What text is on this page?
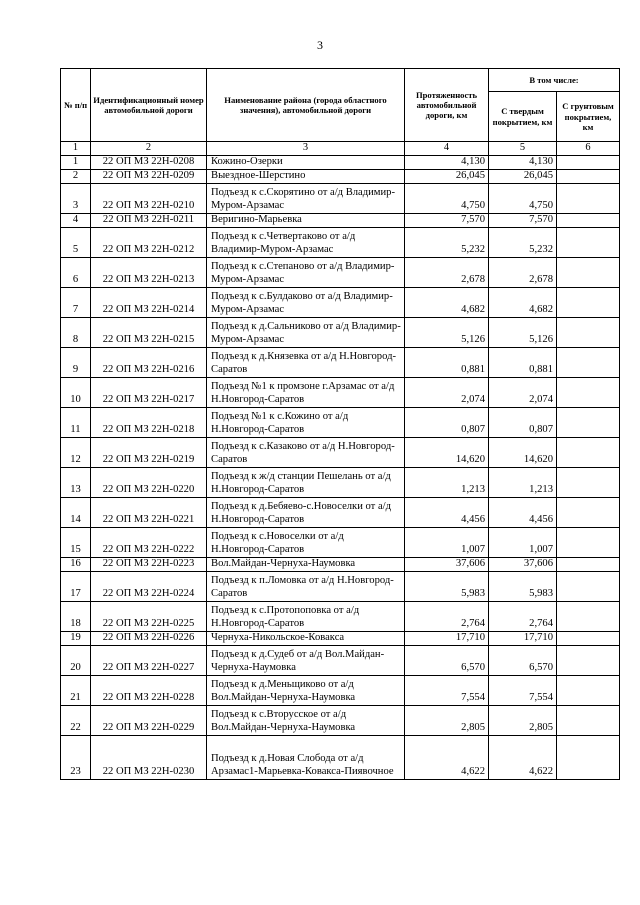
3
№ п/п	Идентификационный номер автомобильной дороги	Наименование района (города областного значения), автомобильной дороги	Протяженность автомобильной дороги, км	В том числе:	
				С твердым покрытием, км	С грунтовым покрытием, км
1	2	3	4	5	6
1	22 ОП МЗ 22Н-0208	Кожино-Озерки	4,130	4,130	
2	22 ОП МЗ 22Н-0209	Выездное-Шерстино	26,045	26,045	
3	22 ОП МЗ 22Н-0210	Подъезд к с.Скорятино от а/д Владимир-Муром-Арзамас	4,750	4,750	
4	22 ОП МЗ 22Н-0211	Веригино-Марьевка	7,570	7,570	
5	22 ОП МЗ 22Н-0212	Подъезд к с.Четвертаково от а/д Владимир-Муром-Арзамас	5,232	5,232	
6	22 ОП МЗ 22Н-0213	Подъезд к с.Степаново от а/д Владимир-Муром-Арзамас	2,678	2,678	
7	22 ОП МЗ 22Н-0214	Подъезд к с.Булдаково от а/д Владимир-Муром-Арзамас	4,682	4,682	
8	22 ОП МЗ 22Н-0215	Подъезд к д.Сальниково от а/д Владимир-Муром-Арзамас	5,126	5,126	
9	22 ОП МЗ 22Н-0216	Подъезд к д.Князевка от а/д Н.Новгород-Саратов	0,881	0,881	
10	22 ОП МЗ 22Н-0217	Подъезд №1 к промзоне г.Арзамас от а/д Н.Новгород-Саратов	2,074	2,074	
11	22 ОП МЗ 22Н-0218	Подъезд №1 к с.Кожино от а/д Н.Новгород-Саратов	0,807	0,807	
12	22 ОП МЗ 22Н-0219	Подъезд к с.Казаково от а/д Н.Новгород-Саратов	14,620	14,620	
13	22 ОП МЗ 22Н-0220	Подъезд к ж/д станции Пешелань от а/д Н.Новгород-Саратов	1,213	1,213	
14	22 ОП МЗ 22Н-0221	Подъезд к д.Бебяево-с.Новоселки от а/д Н.Новгород-Саратов	4,456	4,456	
15	22 ОП МЗ 22Н-0222	Подъезд к с.Новоселки от а/д Н.Новгород-Саратов	1,007	1,007	
16	22 ОП МЗ 22Н-0223	Вол.Майдан-Чернуха-Наумовка	37,606	37,606	
17	22 ОП МЗ 22Н-0224	Подъезд к п.Ломовка от а/д Н.Новгород-Саратов	5,983	5,983	
18	22 ОП МЗ 22Н-0225	Подъезд к с.Протопоповка от а/д Н.Новгород-Саратов	2,764	2,764	
19	22 ОП МЗ 22Н-0226	Чернуха-Никольское-Коваксa	17,710	17,710	
20	22 ОП МЗ 22Н-0227	Подъезд к д.Судеб от а/д Вол.Майдан-Чернуха-Наумовка	6,570	6,570	
21	22 ОП МЗ 22Н-0228	Подъезд к д.Меньщиково от а/д Вол.Майдан-Чернуха-Наумовка	7,554	7,554	
22	22 ОП МЗ 22Н-0229	Подъезд к с.Вторусское от а/д Вол.Майдан-Чернуха-Наумовка	2,805	2,805	
23	22 ОП МЗ 22Н-0230	Подъезд к д.Новая Слобода от а/д Арзамас1-Марьевка-Ковакса-Пиявочное	4,622	4,622	
